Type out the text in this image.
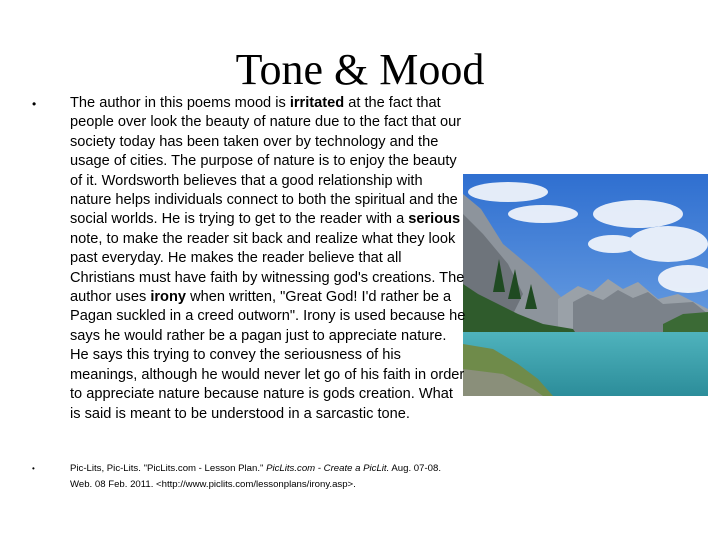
Tone & Mood
• The author in this poems mood is irritated at the fact that people over look the beauty of nature due to the fact that our society today has been taken over by technology and the usage of cities. The purpose of nature is to enjoy the beauty of it. Wordsworth believes that a good relationship with nature helps individuals connect to both the spiritual and the social worlds. He is trying to get to the reader with a serious note, to make the reader sit back and realize what they look past everyday. He makes the reader believe that all Christians must have faith by witnessing god's creations. The author uses irony when written, "Great God! I'd rather be a Pagan suckled in a creed outworn". Irony is used because he says he would rather be a pagan just to appreciate nature. He says this trying to convey the seriousness of his meanings, although he would never let go of his faith in order to appreciate nature because nature is gods creation. What is said is meant to be understood in a sarcastic tone.
•	Pic-Lits, Pic-Lits. "PicLits.com - Lesson Plan." PicLits.com - Create a PicLit. Aug. 07-08.
Web. 08 Feb. 2011. <http://www.piclits.com/lessonplans/irony.asp>.
